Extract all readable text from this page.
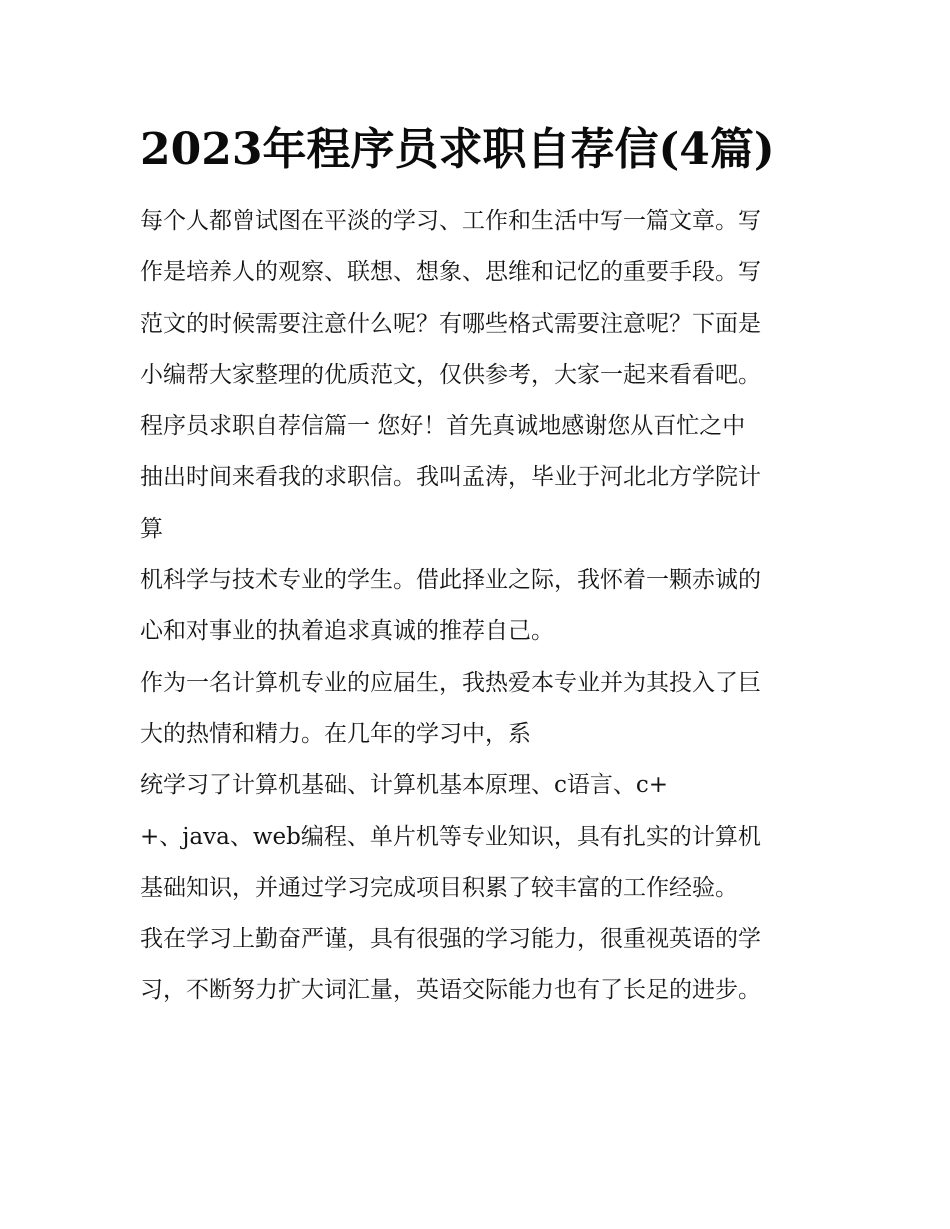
2023年程序员求职自荐信(4篇)

每个人都曾试图在平淡的学习、工作和生活中写一篇文章。写

作是培养人的观察、联想、想象、思维和记忆的重要手段。写

范文的时候需要注意什么呢？有哪些格式需要注意呢？下面是

小编帮大家整理的优质范文，仅供参考，大家一起来看看吧。

程序员求职自荐信篇一 您好！首先真诚地感谢您从百忙之中

抽出时间来看我的求职信。我叫孟涛，毕业于河北北方学院计

算

机科学与技术专业的学生。借此择业之际，我怀着一颗赤诚的

心和对事业的执着追求真诚的推荐自己。

作为一名计算机专业的应届生，我热爱本专业并为其投入了巨

大的热情和精力。在几年的学习中，系

统学习了计算机基础、计算机基本原理、c语言、c+

+、java、web编程、单片机等专业知识，具有扎实的计算机

基础知识，并通过学习完成项目积累了较丰富的工作经验。

我在学习上勤奋严谨，具有很强的学习能力，很重视英语的学

习，不断努力扩大词汇量，英语交际能力也有了长足的进步。
